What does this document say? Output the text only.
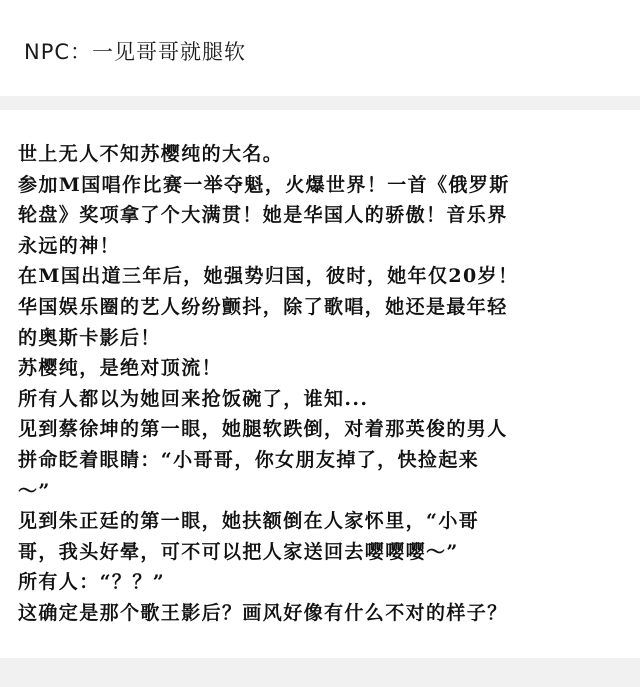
NPC：一见哥哥就腿软
世上无人不知苏樱纯的大名。
参加M国唱作比赛一举夺魁，火爆世界！一首《俄罗斯
轮盘》奖项拿了个大满贯！她是华国人的骄傲！音乐界
永远的神！
在M国出道三年后，她强势归国，彼时，她年仅20岁！
华国娱乐圈的艺人纷纷颤抖，除了歌唱，她还是最年轻
的奥斯卡影后！
苏樱纯，是绝对顶流！
所有人都以为她回来抢饭碗了，谁知...
见到蔡徐坤的第一眼，她腿软跌倒，对着那英俊的男人
拼命眨着眼睛：“小哥哥，你女朋友掉了，快捡起来
～”
见到朱正廷的第一眼，她扶额倒在人家怀里，“小哥
哥，我头好晕，可不可以把人家送回去嘤嘤嘤～”
所有人：“？？”
这确定是那个歌王影后？画风好像有什么不对的样子？
